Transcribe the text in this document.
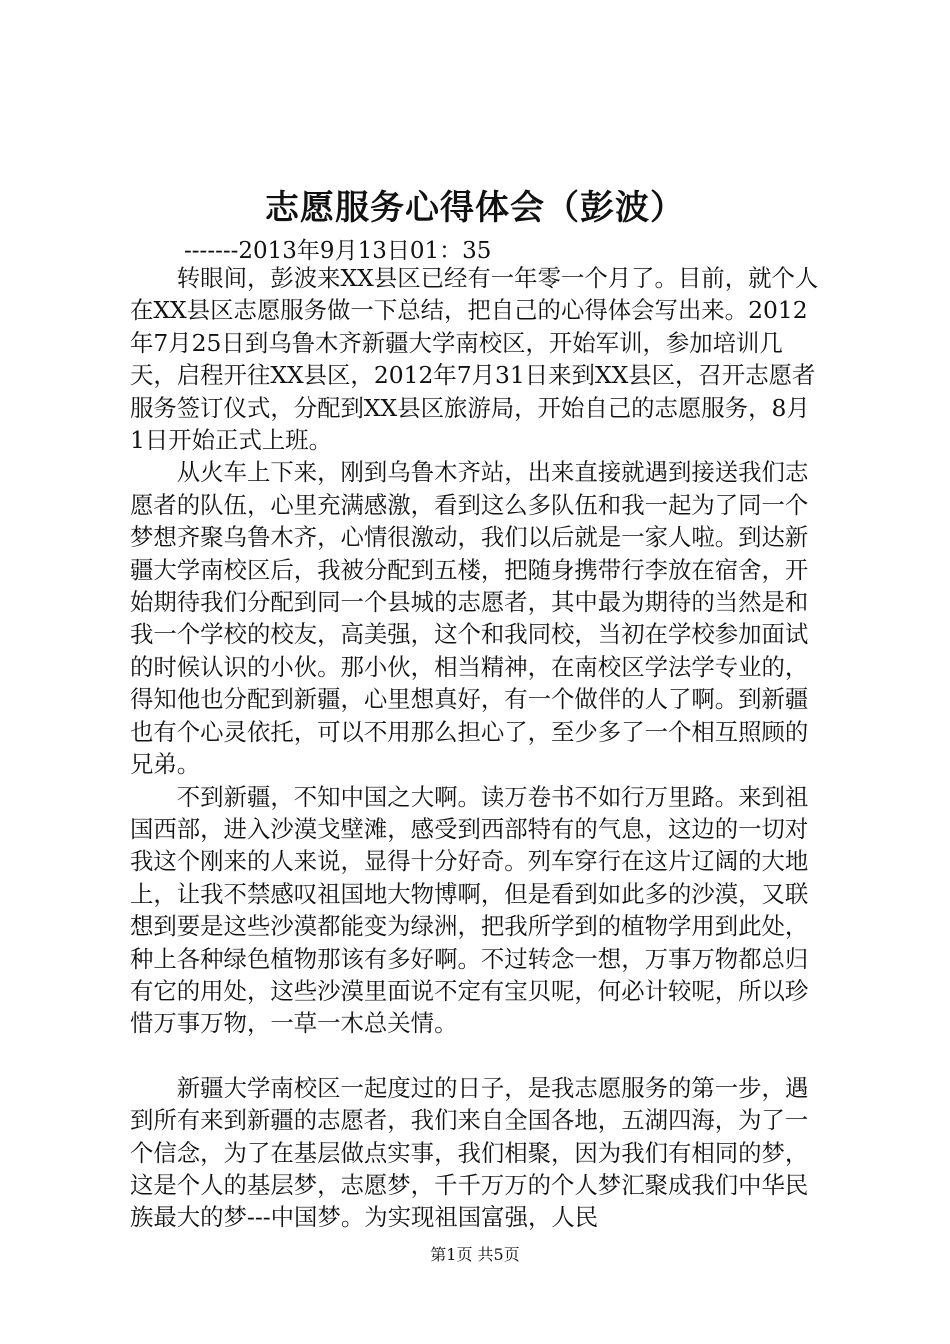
志愿服务心得体会（彭波）
-------2013年9月13日01：35

转眼间，彭波来XX县区已经有一年零一个月了。目前，就个人在XX县区志愿服务做一下总结，把自己的心得体会写出来。2012年7月25日到乌鲁木齐新疆大学南校区，开始军训，参加培训几天，启程开往XX县区，2012年7月31日来到XX县区，召开志愿者服务签订仪式，分配到XX县区旅游局，开始自己的志愿服务，8月1日开始正式上班。

从火车上下来，刚到乌鲁木齐站，出来直接就遇到接送我们志愿者的队伍，心里充满感激，看到这么多队伍和我一起为了同一个梦想齐聚乌鲁木齐，心情很激动，我们以后就是一家人啦。到达新疆大学南校区后，我被分配到五楼，把随身携带行李放在宿舍，开始期待我们分配到同一个县城的志愿者，其中最为期待的当然是和我一个学校的校友，高美强，这个和我同校，当初在学校参加面试的时候认识的小伙。那小伙，相当精神，在南校区学法学专业的，得知他也分配到新疆，心里想真好，有一个做伴的人了啊。到新疆也有个心灵依托，可以不用那么担心了，至少多了一个相互照顾的兄弟。

不到新疆，不知中国之大啊。读万卷书不如行万里路。来到祖国西部，进入沙漠戈壁滩，感受到西部特有的气息，这边的一切对我这个刚来的人来说，显得十分好奇。列车穿行在这片辽阔的大地上，让我不禁感叹祖国地大物博啊，但是看到如此多的沙漠，又联想到要是这些沙漠都能变为绿洲，把我所学到的植物学用到此处，种上各种绿色植物那该有多好啊。不过转念一想，万事万物都总归有它的用处，这些沙漠里面说不定有宝贝呢，何必计较呢，所以珍惜万事万物，一草一木总关情。

新疆大学南校区一起度过的日子，是我志愿服务的第一步，遇到所有来到新疆的志愿者，我们来自全国各地，五湖四海，为了一个信念，为了在基层做点实事，我们相聚，因为我们有相同的梦，这是个人的基层梦，志愿梦，千千万万的个人梦汇聚成我们中华民族最大的梦---中国梦。为实现祖国富强，人民

第1页 共5页
